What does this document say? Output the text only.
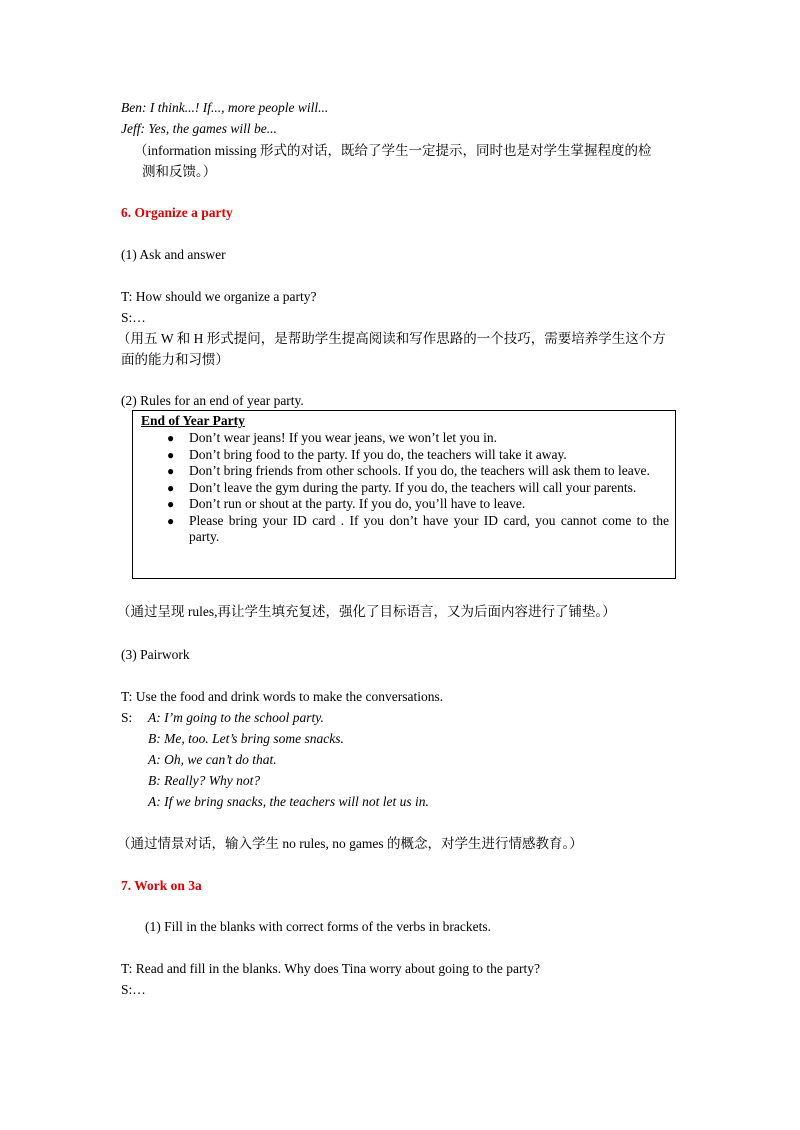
Ben: I think...! If..., more people will...
Jeff: Yes, the games will be...
（information missing 形式的对话，既给了学生一定提示，同时也是对学生掌握程度的检
测和反馈。）
6. Organize a party
(1) Ask and answer
T: How should we organize a party?
S:…
（用五 W 和 H 形式提问，是帮助学生提高阅读和写作思路的一个技巧，需要培养学生这个方
面的能力和习惯）
(2) Rules for an end of year party.
End of Year Party
● Don’t wear jeans! If you wear jeans, we won’t let you in.
● Don’t bring food to the party. If you do, the teachers will take it away.
● Don’t bring friends from other schools. If you do, the teachers will ask them to leave.
● Don’t leave the gym during the party. If you do, the teachers will call your parents.
● Don’t run or shout at the party. If you do, you’ll have to leave.
● Please bring your ID card . If you don’t have your ID card, you cannot come to the party.
（通过呈现 rules,再让学生填充复述，强化了目标语言，又为后面内容进行了铺垫。）
(3) Pairwork
T: Use the food and drink words to make the conversations.
S: A: I’m going to the school party.
B: Me, too. Let’s bring some snacks.
A: Oh, we can’t do that.
B: Really? Why not?
A: If we bring snacks, the teachers will not let us in.
（通过情景对话，输入学生 no rules, no games 的概念，对学生进行情感教育。）
7. Work on 3a
(1) Fill in the blanks with correct forms of the verbs in brackets.
T: Read and fill in the blanks. Why does Tina worry about going to the party?
S:…
